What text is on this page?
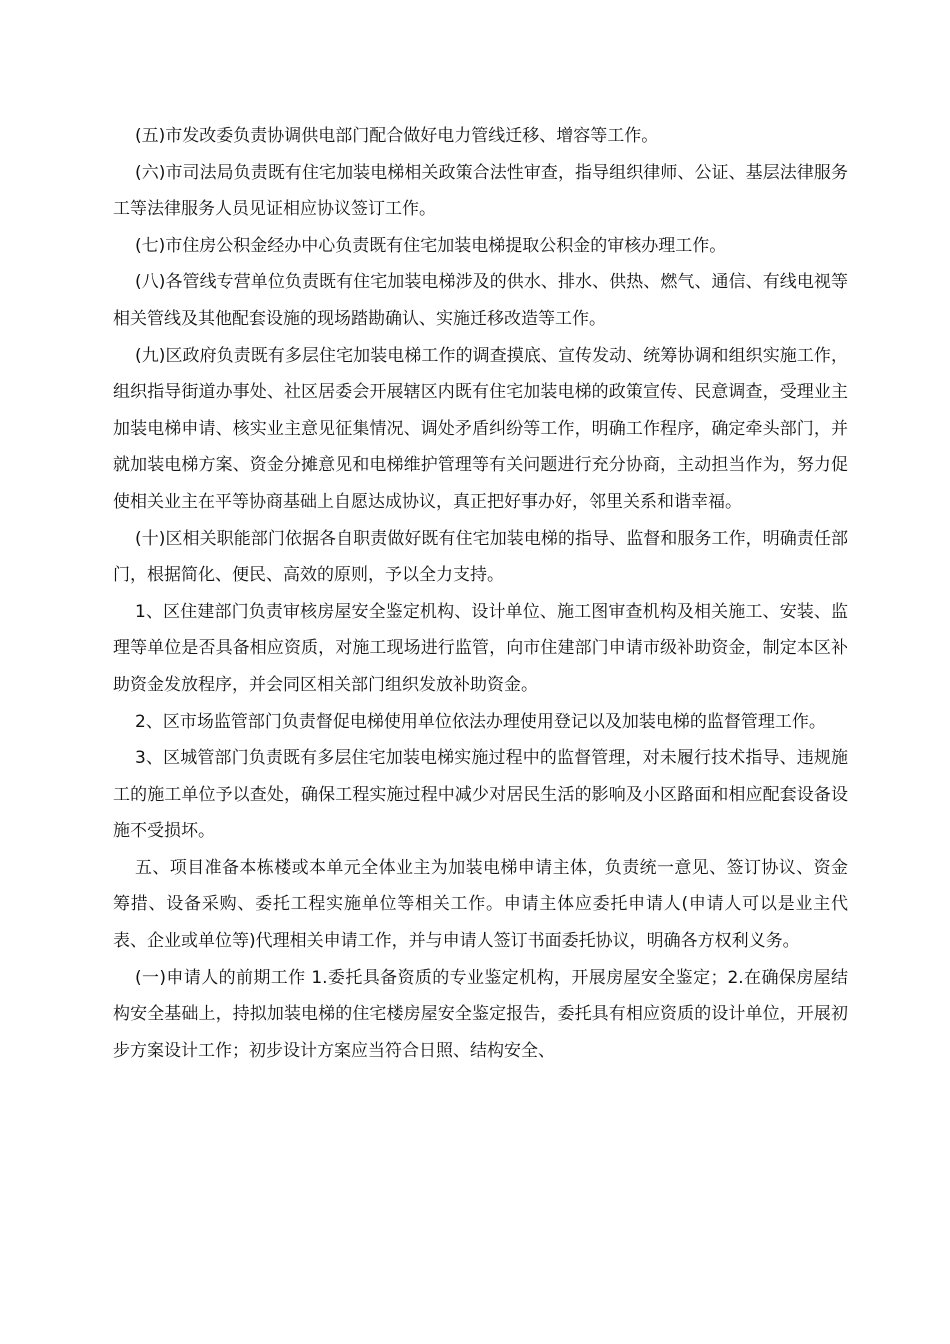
(五)市发改委负责协调供电部门配合做好电力管线迁移、增容等工作。

(六)市司法局负责既有住宅加装电梯相关政策合法性审查，指导组织律师、公证、基层法律服务工等法律服务人员见证相应协议签订工作。

(七)市住房公积金经办中心负责既有住宅加装电梯提取公积金的审核办理工作。

(八)各管线专营单位负责既有住宅加装电梯涉及的供水、排水、供热、燃气、通信、有线电视等相关管线及其他配套设施的现场踏勘确认、实施迁移改造等工作。

(九)区政府负责既有多层住宅加装电梯工作的调查摸底、宣传发动、统筹协调和组织实施工作，组织指导街道办事处、社区居委会开展辖区内既有住宅加装电梯的政策宣传、民意调查，受理业主加装电梯申请、核实业主意见征集情况、调处矛盾纠纷等工作，明确工作程序，确定牵头部门，并就加装电梯方案、资金分摊意见和电梯维护管理等有关问题进行充分协商，主动担当作为，努力促使相关业主在平等协商基础上自愿达成协议，真正把好事办好，邻里关系和谐幸福。

(十)区相关职能部门依据各自职责做好既有住宅加装电梯的指导、监督和服务工作，明确责任部门，根据简化、便民、高效的原则，予以全力支持。

1、区住建部门负责审核房屋安全鉴定机构、设计单位、施工图审查机构及相关施工、安装、监理等单位是否具备相应资质，对施工现场进行监管，向市住建部门申请市级补助资金，制定本区补助资金发放程序，并会同区相关部门组织发放补助资金。

2、区市场监管部门负责督促电梯使用单位依法办理使用登记以及加装电梯的监督管理工作。

3、区城管部门负责既有多层住宅加装电梯实施过程中的监督管理，对未履行技术指导、违规施工的施工单位予以查处，确保工程实施过程中减少对居民生活的影响及小区路面和相应配套设备设施不受损坏。

五、项目准备本栋楼或本单元全体业主为加装电梯申请主体，负责统一意见、签订协议、资金筹措、设备采购、委托工程实施单位等相关工作。申请主体应委托申请人(申请人可以是业主代表、企业或单位等)代理相关申请工作，并与申请人签订书面委托协议，明确各方权利义务。

(一)申请人的前期工作 1.委托具备资质的专业鉴定机构，开展房屋安全鉴定；2.在确保房屋结构安全基础上，持拟加装电梯的住宅楼房屋安全鉴定报告，委托具有相应资质的设计单位，开展初步方案设计工作；初步设计方案应当符合日照、结构安全、
